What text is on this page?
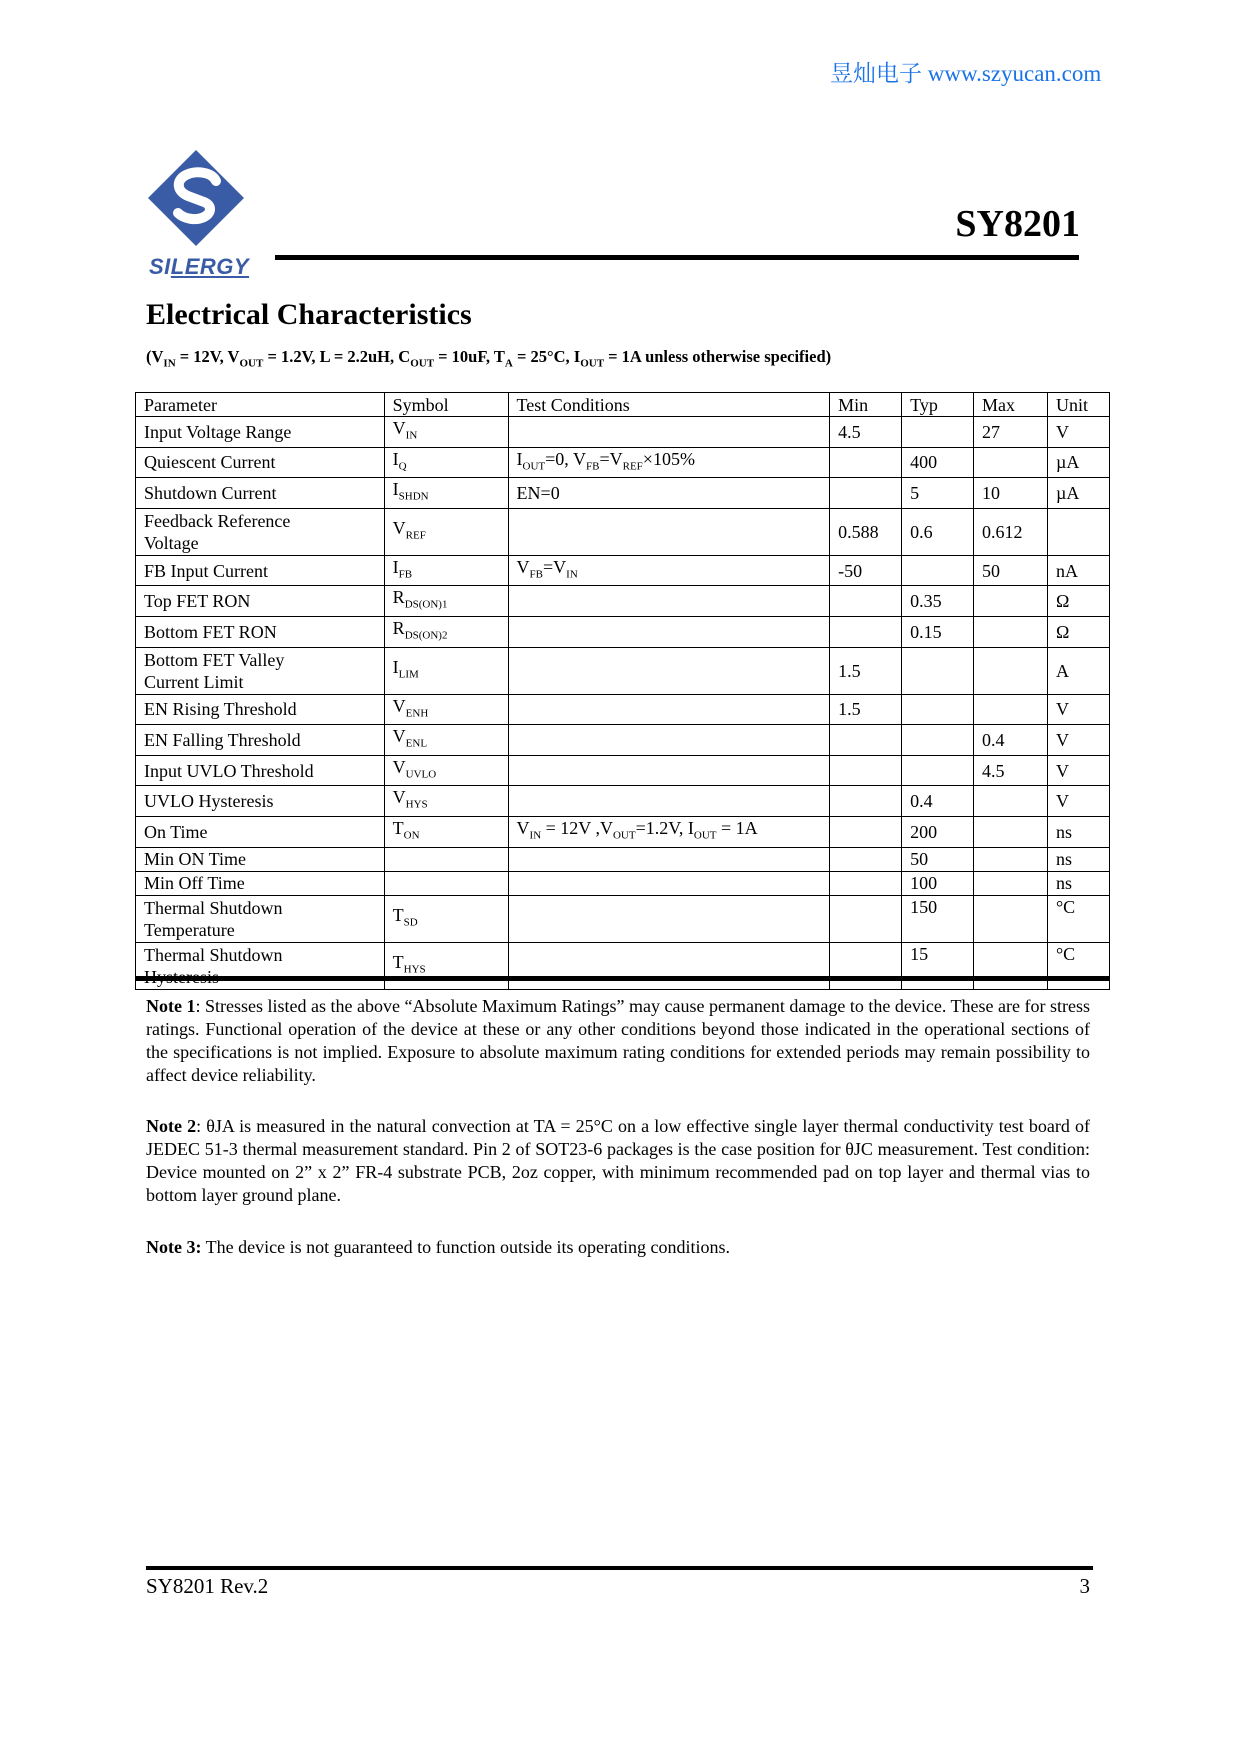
昱灿电子 www.szyucan.com
SILERGY
SY8201
Electrical Characteristics
($V_{IN} = 12V$, $V_{OUT} = 1.2V$, L = 2.2uH, $C_{OUT} = 10uF$, $T_A = 25^\circ C$, $I_{OUT} = 1A$ unless otherwise specified)
Parameter	Symbol	Test Conditions	Min	Typ	Max	Unit
Input Voltage Range	$V_{IN}$		4.5		27	V
Quiescent Current	$I_Q$	$I_{OUT}=0$, $V_{FB}=V_{REF}\times 105\%$		400		µA
Shutdown Current	$I_{SHDN}$	EN=0		5	10	µA
Feedback Reference
Voltage	$V_{REF}$		0.588	0.6	0.612	
FB Input Current	$I_{FB}$	$V_{FB}=V_{IN}$	-50		50	nA
Top FET RON	$R_{DS(ON)1}$			0.35		Ω
Bottom FET RON	$R_{DS(ON)2}$			0.15		Ω
Bottom FET Valley
Current Limit	$I_{LIM}$		1.5			A
EN Rising Threshold	$V_{ENH}$		1.5			V
EN Falling Threshold	$V_{ENL}$				0.4	V
Input UVLO Threshold	$V_{UVLO}$				4.5	V
UVLO Hysteresis	$V_{HYS}$			0.4		V
On Time	$T_{ON}$	$V_{IN} = 12V$ $,V_{OUT}=1.2V$, $I_{OUT} = 1A$		200		ns
Min ON Time				50		ns
Min Off Time				100		ns
Thermal Shutdown
Temperature	$T_{SD}$			150		°C
Thermal Shutdown	$T_{HYS}$			15		°C
Note 1: Stresses listed as the above “Absolute Maximum Ratings” may cause permanent damage to the device. These are for stress ratings. Functional operation of the device at these or any other conditions beyond those indicated in the operational sections of the specifications is not implied. Exposure to absolute maximum rating conditions for extended periods may remain possibility to affect device reliability.
Note 2: θJA is measured in the natural convection at TA = 25°C on a low effective single layer thermal conductivity test board of JEDEC 51-3 thermal measurement standard. Pin 2 of SOT23-6 packages is the case position for θJC measurement. Test condition: Device mounted on 2” x 2” FR-4 substrate PCB, 2oz copper, with minimum recommended pad on top layer and thermal vias to bottom layer ground plane.
Note 3: The device is not guaranteed to function outside its operating conditions.
SY8201 Rev.2	3
